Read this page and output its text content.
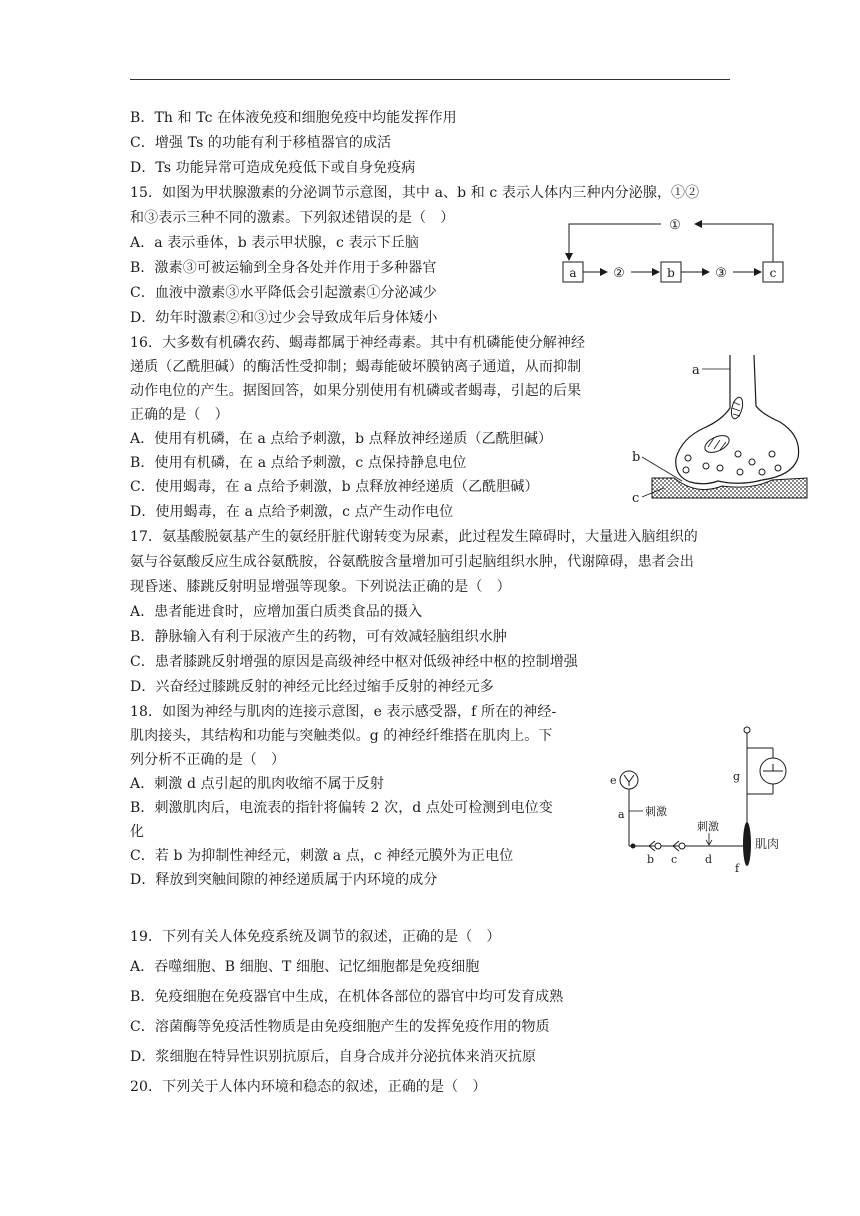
B．Th 和 Tc 在体液免疫和细胞免疫中均能发挥作用
C．增强 Ts 的功能有利于移植器官的成活
D．Ts 功能异常可造成免疫低下或自身免疫病
15．如图为甲状腺激素的分泌调节示意图，其中 a、b 和 c 表示人体内三种内分泌腺，①②
和③表示三种不同的激素。下列叙述错误的是（　）
A．a 表示垂体，b 表示甲状腺，c 表示下丘脑
B．激素③可被运输到全身各处并作用于多种器官
C．血液中激素③水平降低会引起激素①分泌减少
D．幼年时激素②和③过少会导致成年后身体矮小
16．大多数有机磷农药、蝎毒都属于神经毒素。其中有机磷能使分解神经
递质（乙酰胆碱）的酶活性受抑制；蝎毒能破坏膜钠离子通道，从而抑制
动作电位的产生。据图回答，如果分别使用有机磷或者蝎毒，引起的后果
正确的是（　）
A．使用有机磷，在 a 点给予刺激，b 点释放神经递质（乙酰胆碱）
B．使用有机磷，在 a 点给予刺激，c 点保持静息电位
C．使用蝎毒，在 a 点给予刺激，b 点释放神经递质（乙酰胆碱）
D．使用蝎毒，在 a 点给予刺激，c 点产生动作电位
17．氨基酸脱氨基产生的氨经肝脏代谢转变为尿素，此过程发生障碍时，大量进入脑组织的
氨与谷氨酸反应生成谷氨酰胺，谷氨酰胺含量增加可引起脑组织水肿，代谢障碍，患者会出
现昏迷、膝跳反射明显增强等现象。下列说法正确的是（　）
A．患者能进食时，应增加蛋白质类食品的摄入
B．静脉输入有利于尿液产生的药物，可有效减轻脑组织水肿
C．患者膝跳反射增强的原因是高级神经中枢对低级神经中枢的控制增强
D．兴奋经过膝跳反射的神经元比经过缩手反射的神经元多
18．如图为神经与肌肉的连接示意图，e 表示感受器，f 所在的神经-
肌肉接头，其结构和功能与突触类似。g 的神经纤维搭在肌肉上。下
列分析不正确的是（　）
A．刺激 d 点引起的肌肉收缩不属于反射
B．刺激肌肉后，电流表的指针将偏转 2 次，d 点处可检测到电位变
化
C．若 b 为抑制性神经元，刺激 a 点，c 神经元膜外为正电位
D．释放到突触间隙的神经递质属于内环境的成分
19．下列有关人体免疫系统及调节的叙述，正确的是（　）
A．吞噬细胞、B 细胞、T 细胞、记忆细胞都是免疫细胞
B．免疫细胞在免疫器官中生成，在机体各部位的器官中均可发育成熟
C．溶菌酶等免疫活性物质是由免疫细胞产生的发挥免疫作用的物质
D．浆细胞在特异性识别抗原后，自身合成并分泌抗体来消灭抗原
20．下列关于人体内环境和稳态的叙述，正确的是（　）
a	b	c
②	③
①
a
b
c
e
a 刺激
b c	d
刺激
f
肌肉
g
